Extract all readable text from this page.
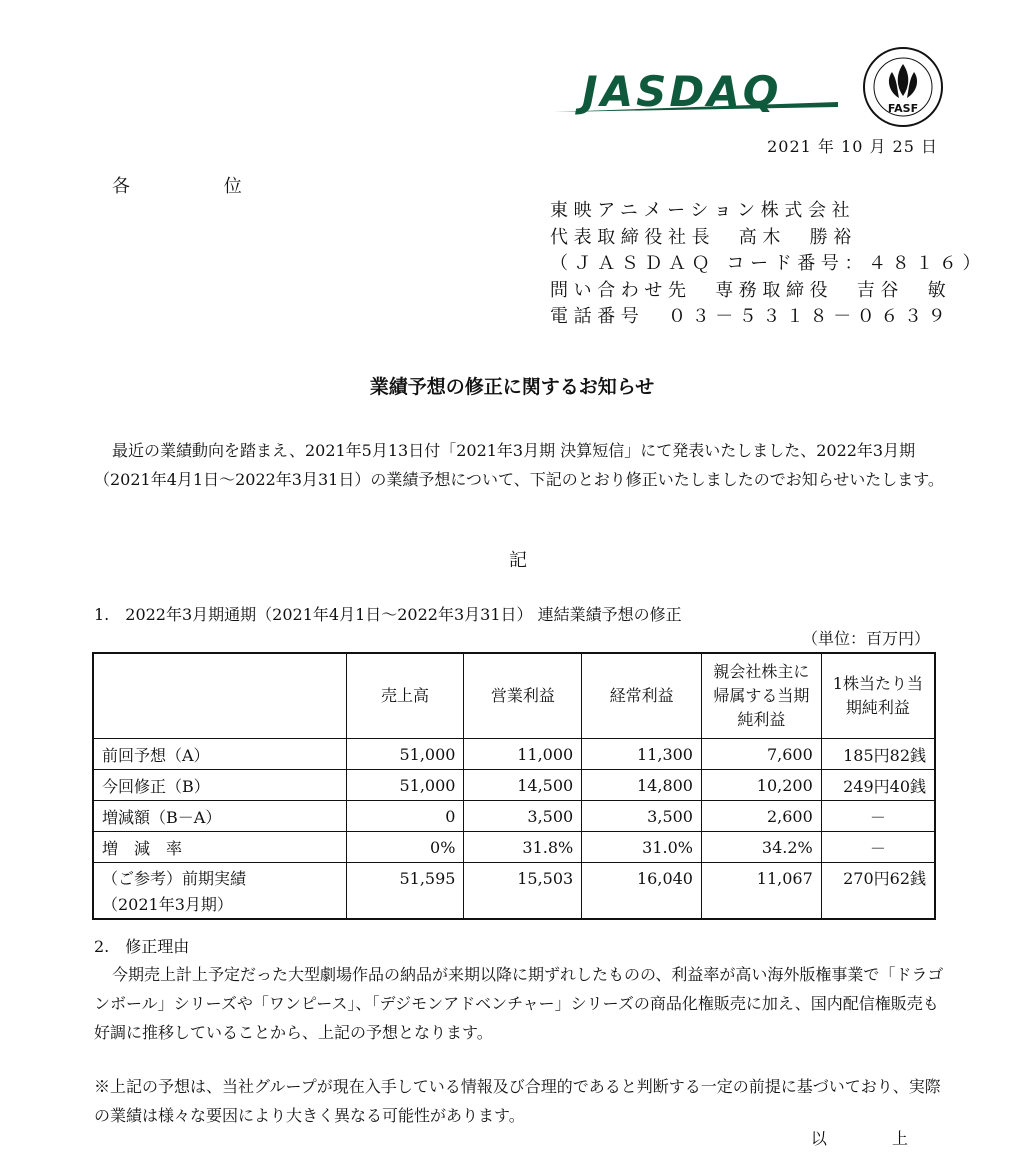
JASDAQ	FASF
2021 年 10 月 25 日
各 位
東映アニメーション株式会社
代表取締役社長　高木　勝裕
（ＪＡＳＤＡＱ コード番号：４８１６）
問い合わせ先　専務取締役　吉谷　敏
電話番号　０３－５３１８－０６３９
業績予想の修正に関するお知らせ
最近の業績動向を踏まえ、2021年5月13日付「2021年3月期 決算短信」にて発表いたしました、2022年3月期（2021年4月1日～2022年3月31日）の業績予想について、下記のとおり修正いたしましたのでお知らせいたします。
記
1.　2022年3月期通期（2021年4月1日～2022年3月31日） 連結業績予想の修正
（単位：百万円）
	売上高	営業利益	経常利益	親会社株主に帰属する当期純利益	1株当たり当期純利益
前回予想（A）	51,000	11,000	11,300	7,600	185円82銭
今回修正（B）	51,000	14,500	14,800	10,200	249円40銭
増減額（B－A）	0	3,500	3,500	2,600	－
増　減　率	0%	31.8%	31.0%	34.2%	－

（ご参考）前期実績
（2021年3月期）	51,595	15,503	16,040	11,067	270円62銭
2.　修正理由
今期売上計上予定だった大型劇場作品の納品が来期以降に期ずれしたものの、利益率が高い海外版権事業で「ドラゴンボール」シリーズや「ワンピース」、「デジモンアドベンチャー」シリーズの商品化権販売に加え、国内配信権販売も好調に推移していることから、上記の予想となります。
※上記の予想は、当社グループが現在入手している情報及び合理的であると判断する一定の前提に基づいており、実際の業績は様々な要因により大きく異なる可能性があります。
以 上
